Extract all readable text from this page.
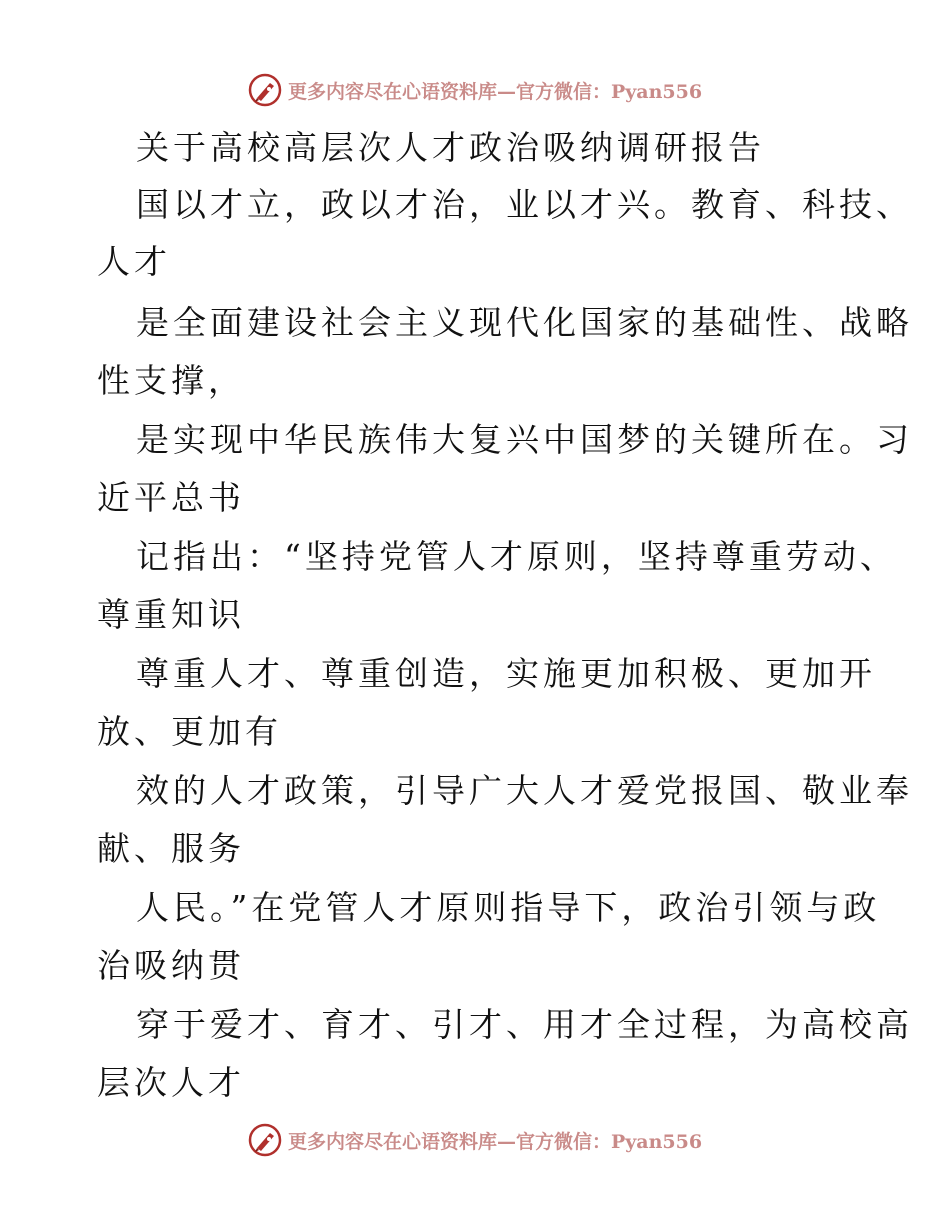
更多内容尽在心语资料库—官方微信：Pyan556
关于高校高层次人才政治吸纳调研报告
国以才立，政以才治，业以才兴。教育、科技、
人才
是全面建设社会主义现代化国家的基础性、战略
性支撑，
是实现中华民族伟大复兴中国梦的关键所在。习
近平总书
记指出：“坚持党管人才原则，坚持尊重劳动、
尊重知识
尊重人才、尊重创造，实施更加积极、更加开
放、更加有
效的人才政策，引导广大人才爱党报国、敬业奉
献、服务
人民。”在党管人才原则指导下，政治引领与政
治吸纳贯
穿于爱才、育才、引才、用才全过程，为高校高
层次人才
更多内容尽在心语资料库—官方微信：Pyan556
